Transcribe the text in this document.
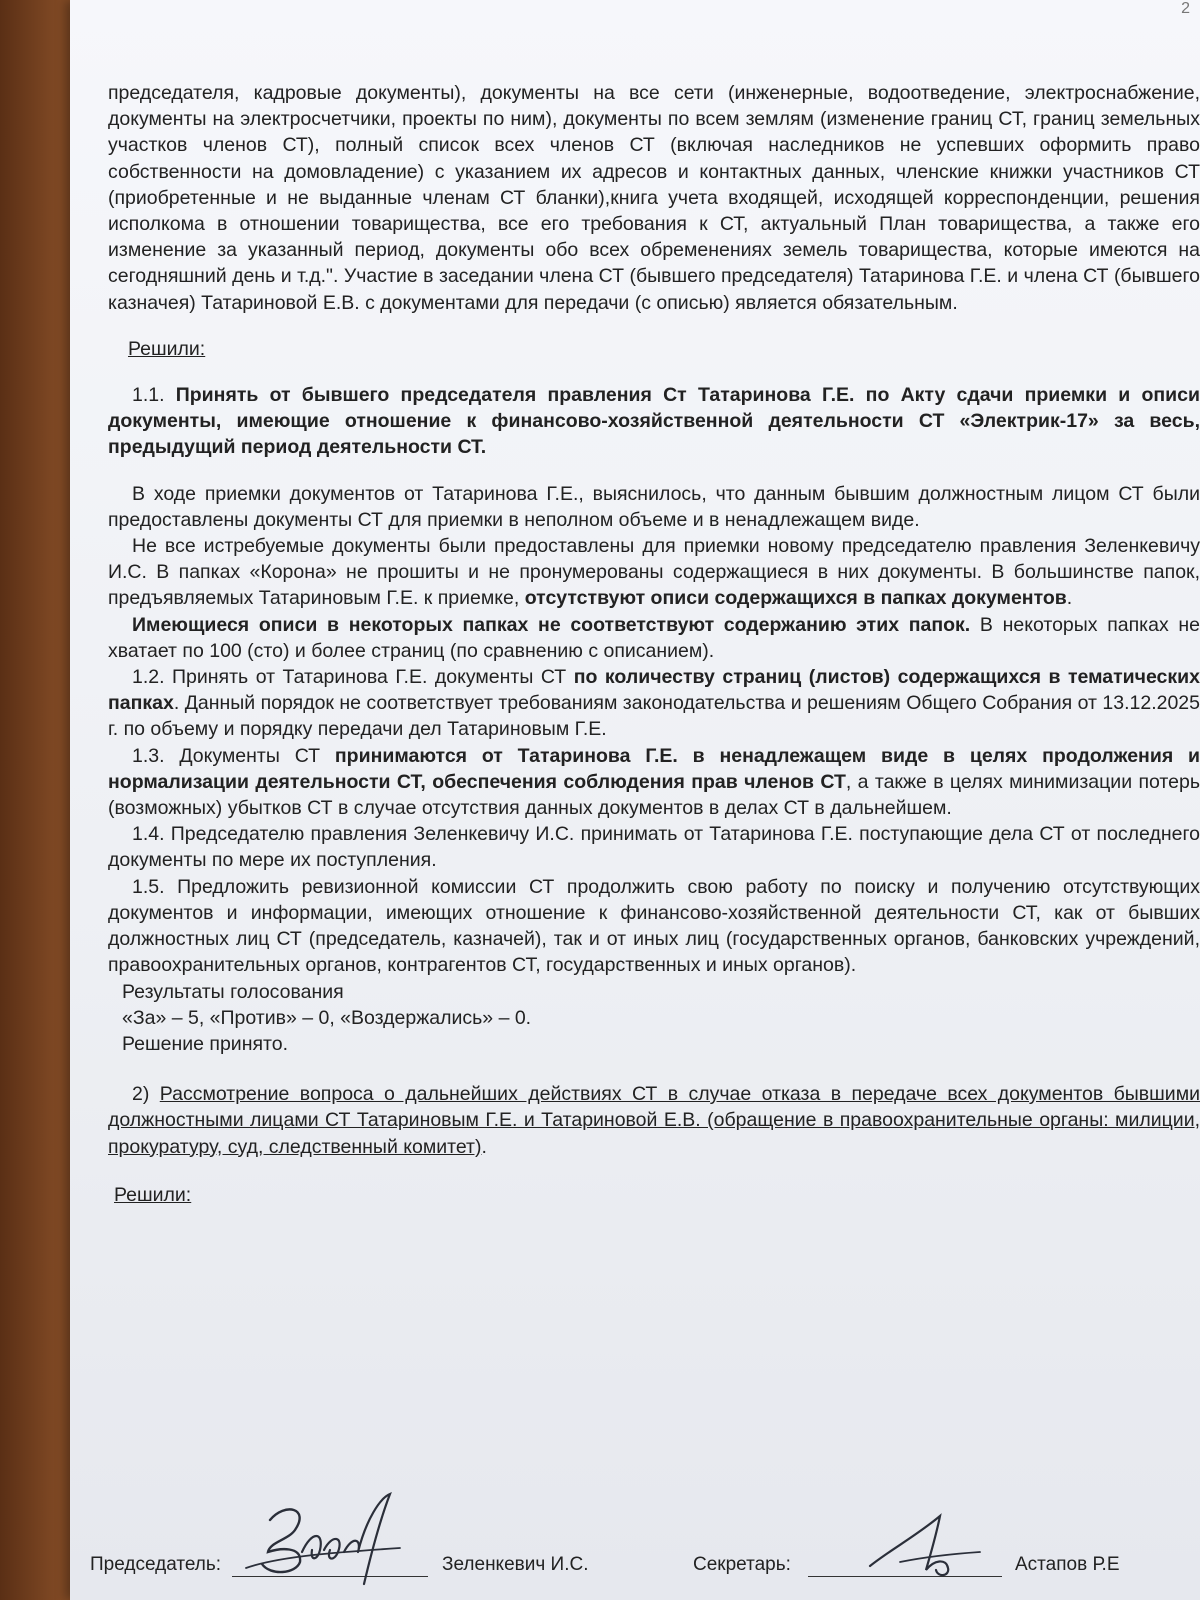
2

председателя, кадровые документы), документы на все сети (инженерные, водоотведение, электроснабжение, документы на электросчетчики, проекты по ним), документы по всем землям (изменение границ СТ, границ земельных участков членов СТ), полный список всех членов СТ (включая наследников не успевших оформить право собственности на домовладение) с указанием их адресов и контактных данных, членские книжки участников СТ (приобретенные и не выданные членам СТ бланки),книга учета входящей, исходящей корреспонденции, решения исполкома в отношении товарищества, все его требования к СТ, актуальный План товарищества, а также его изменение за указанный период, документы обо всех обременениях земель товарищества, которые имеются на сегодняшний день и т.д.". Участие в заседании члена СТ (бывшего председателя) Татаринова Г.Е. и члена СТ (бывшего казначея) Татариновой Е.В. с документами для передачи (с описью) является обязательным.

Решили:

1.1. Принять от бывшего председателя правления Ст Татаринова Г.Е. по Акту сдачи приемки и описи документы, имеющие отношение к финансово-хозяйственной деятельности СТ «Электрик-17» за весь, предыдущий период деятельности СТ.

В ходе приемки документов от Татаринова Г.Е., выяснилось, что данным бывшим должностным лицом СТ были предоставлены документы СТ для приемки в неполном объеме и в ненадлежащем виде.

Не все истребуемые документы были предоставлены для приемки новому председателю правления Зеленкевичу И.С. В папках «Корона» не прошиты и не пронумерованы содержащиеся в них документы. В большинстве папок, предъявляемых Татариновым Г.Е. к приемке, отсутствуют описи содержащихся в папках документов.

Имеющиеся описи в некоторых папках не соответствуют содержанию этих папок. В некоторых папках не хватает по 100 (сто) и более страниц (по сравнению с описанием).

1.2. Принять от Татаринова Г.Е. документы СТ по количеству страниц (листов) содержащихся в тематических папках. Данный порядок не соответствует требованиям законодательства и решениям Общего Собрания от 13.12.2025 г. по объему и порядку передачи дел Татариновым Г.Е.

1.3. Документы СТ принимаются от Татаринова Г.Е. в ненадлежащем виде в целях продолжения и нормализации деятельности СТ, обеспечения соблюдения прав членов СТ, а также в целях минимизации потерь (возможных) убытков СТ в случае отсутствия данных документов в делах СТ в дальнейшем.

1.4. Председателю правления Зеленкевичу И.С. принимать от Татаринова Г.Е. поступающие дела СТ от последнего документы по мере их поступления.

1.5. Предложить ревизионной комиссии СТ продолжить свою работу по поиску и получению отсутствующих документов и информации, имеющих отношение к финансово-хозяйственной деятельности СТ, как от бывших должностных лиц СТ (председатель, казначей), так и от иных лиц (государственных органов, банковских учреждений, правоохранительных органов, контрагентов СТ, государственных и иных органов).

Результаты голосования

«За» – 5, «Против» – 0, «Воздержались» – 0.

Решение принято.

2) Рассмотрение вопроса о дальнейших действиях СТ в случае отказа в передаче всех документов бывшими должностными лицами СТ Татариновым Г.Е. и Татариновой Е.В. (обращение в правоохранительные органы: милиции, прокуратуру, суд, следственный комитет).

Решили:

Председатель:	Зеленкевич И.С.	Секретарь:	Астапов Р.Е
